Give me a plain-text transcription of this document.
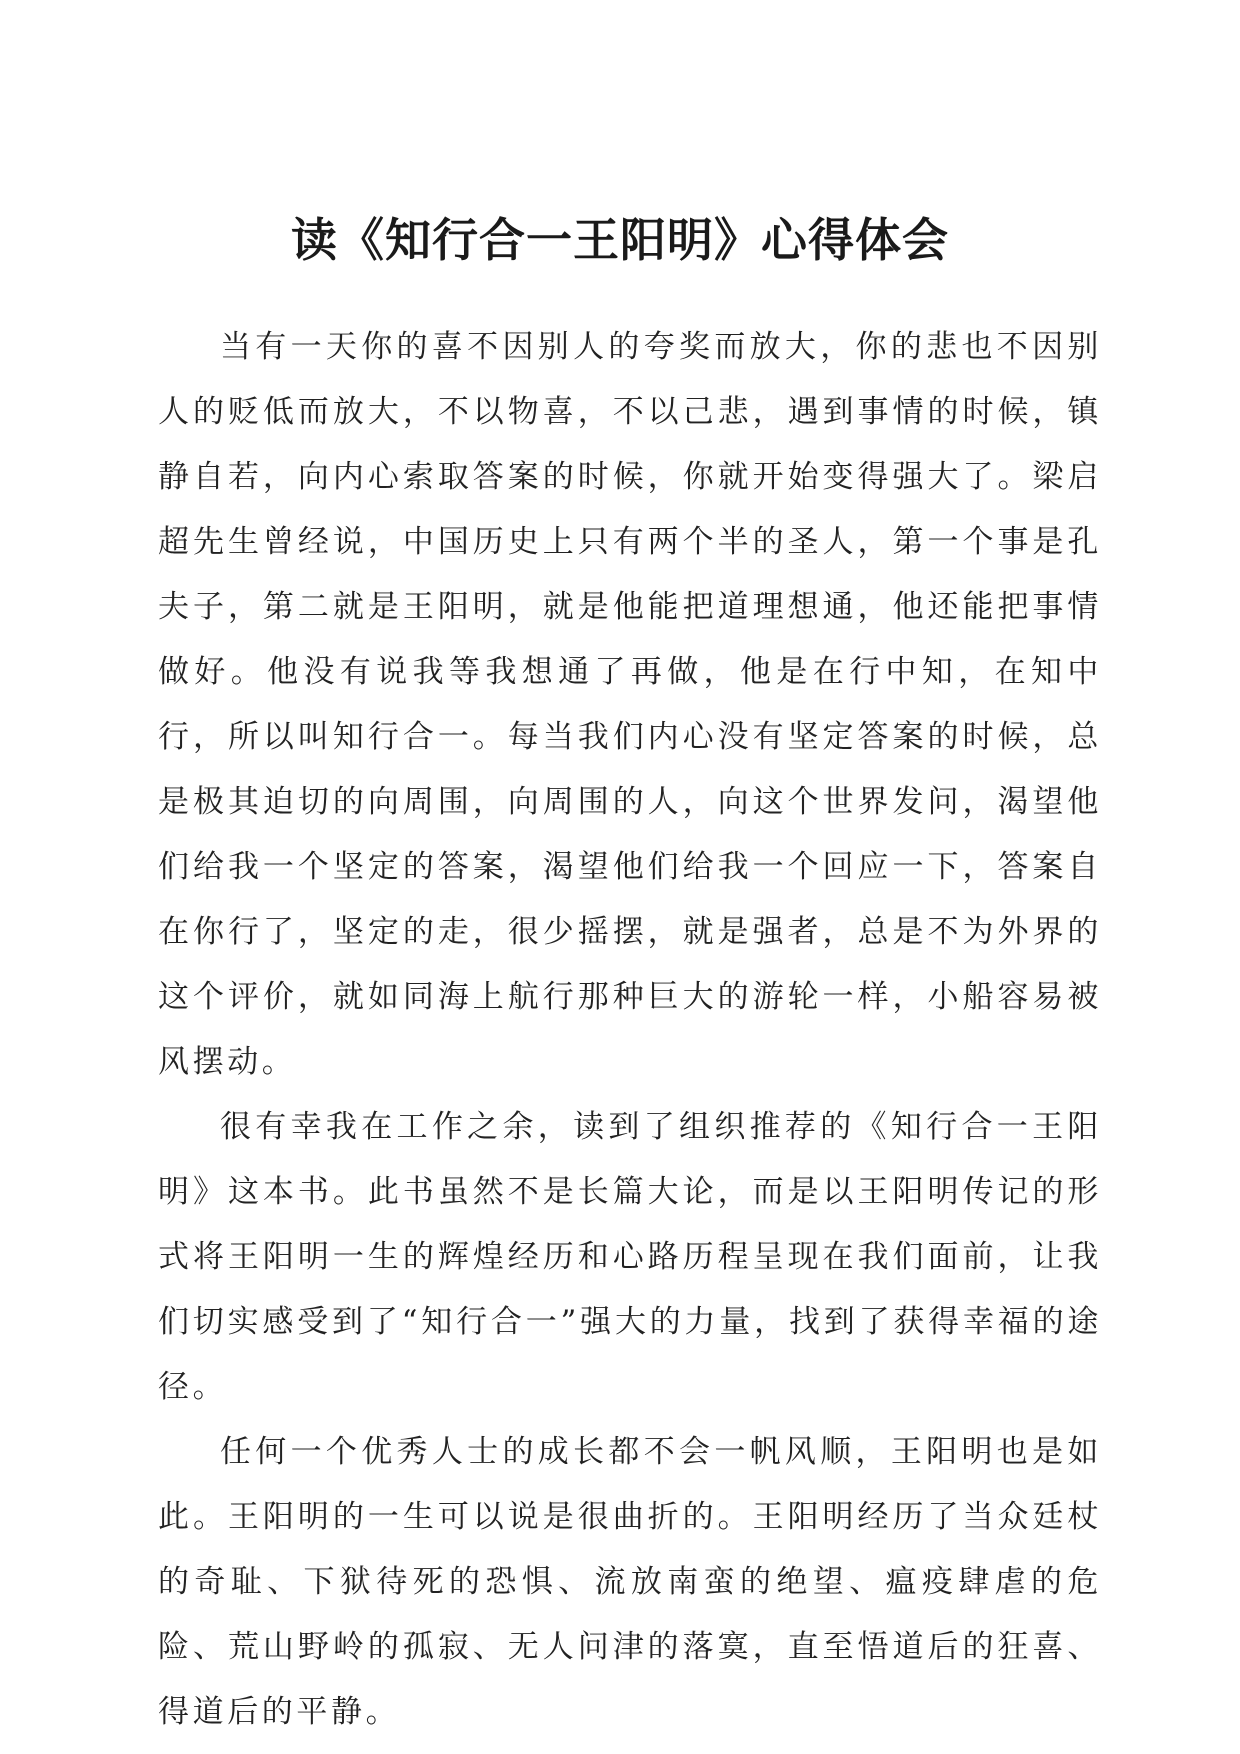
读《知行合一王阳明》心得体会

当有一天你的喜不因别人的夸奖而放大，你的悲也不因别人的贬低而放大，不以物喜，不以己悲，遇到事情的时候，镇静自若，向内心索取答案的时候，你就开始变得强大了。梁启超先生曾经说，中国历史上只有两个半的圣人，第一个事是孔夫子，第二就是王阳明，就是他能把道理想通，他还能把事情做好。他没有说我等我想通了再做，他是在行中知，在知中行，所以叫知行合一。每当我们内心没有坚定答案的时候，总是极其迫切的向周围，向周围的人，向这个世界发问，渴望他们给我一个坚定的答案，渴望他们给我一个回应一下，答案自在你行了，坚定的走，很少摇摆，就是强者，总是不为外界的这个评价，就如同海上航行那种巨大的游轮一样，小船容易被风摆动。

很有幸我在工作之余，读到了组织推荐的《知行合一王阳明》这本书。此书虽然不是长篇大论，而是以王阳明传记的形式将王阳明一生的辉煌经历和心路历程呈现在我们面前，让我们切实感受到了“知行合一”强大的力量，找到了获得幸福的途径。

任何一个优秀人士的成长都不会一帆风顺，王阳明也是如此。王阳明的一生可以说是很曲折的。王阳明经历了当众廷杖的奇耻、下狱待死的恐惧、流放南蛮的绝望、瘟疫肆虐的危险、荒山野岭的孤寂、无人问津的落寞，直至悟道后的狂喜、得道后的平静。
